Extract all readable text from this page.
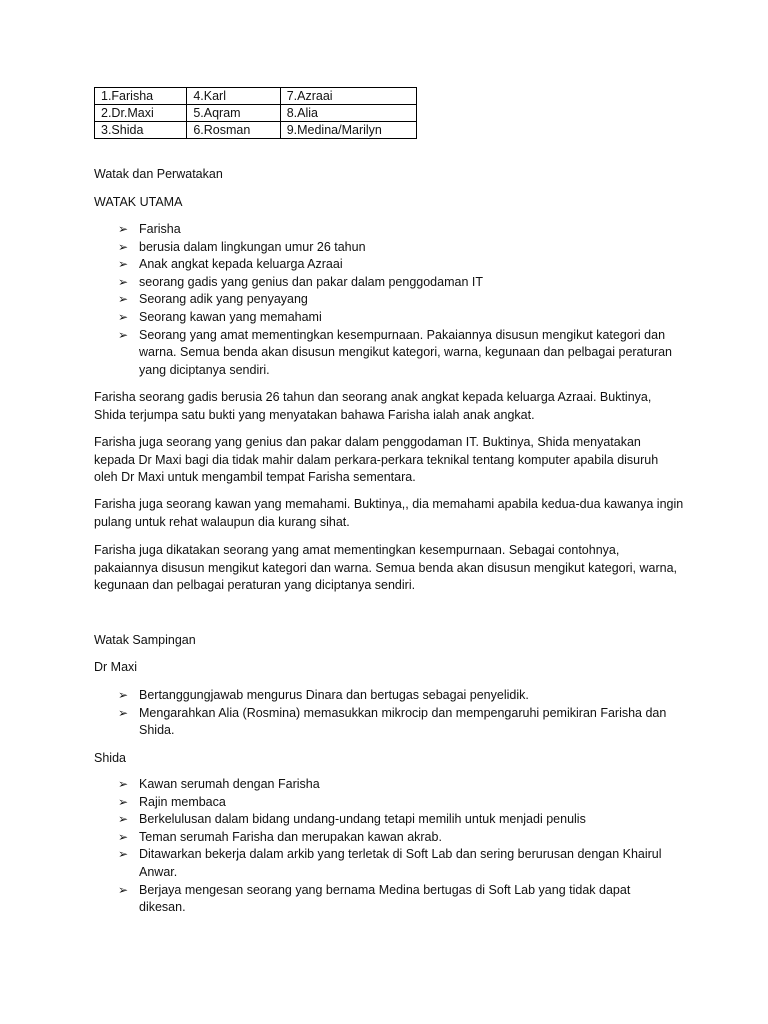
1.Farisha	4.Karl	7.Azraai
2.Dr.Maxi	5.Aqram	8.Alia
3.Shida	6.Rosman	9.Medina/Marilyn
Watak dan Perwatakan
WATAK UTAMA
➢ Farisha
➢ berusia dalam lingkungan umur 26 tahun
➢ Anak angkat kepada keluarga Azraai
➢ seorang gadis yang genius dan pakar dalam penggodaman IT
➢ Seorang adik yang penyayang
➢ Seorang kawan yang memahami
➢ Seorang yang amat mementingkan kesempurnaan. Pakaiannya disusun mengikut kategori dan warna. Semua benda akan disusun mengikut kategori, warna, kegunaan dan pelbagai peraturan yang diciptanya sendiri.

Farisha seorang gadis berusia 26 tahun dan seorang anak angkat kepada keluarga Azraai. Buktinya, Shida terjumpa satu bukti yang menyatakan bahawa Farisha ialah anak angkat.

Farisha juga seorang yang genius dan pakar dalam penggodaman IT. Buktinya, Shida menyatakan kepada Dr Maxi bagi dia tidak mahir dalam perkara-perkara teknikal tentang komputer apabila disuruh oleh Dr Maxi untuk mengambil tempat Farisha sementara.

Farisha juga seorang kawan yang memahami. Buktinya,, dia memahami apabila kedua-dua kawanya ingin pulang untuk rehat walaupun dia kurang sihat.

Farisha juga dikatakan seorang yang amat mementingkan kesempurnaan. Sebagai contohnya, pakaiannya disusun mengikut kategori dan warna. Semua benda akan disusun mengikut kategori, warna, kegunaan dan pelbagai peraturan yang diciptanya sendiri.

Watak Sampingan
Dr Maxi
➢ Bertanggungjawab mengurus Dinara dan bertugas sebagai penyelidik.
➢ Mengarahkan Alia (Rosmina) memasukkan mikrocip dan mempengaruhi pemikiran Farisha dan Shida.
Shida
➢ Kawan serumah dengan Farisha
➢ Rajin membaca
➢ Berkelulusan dalam bidang undang-undang tetapi memilih untuk menjadi penulis
➢ Teman serumah Farisha dan merupakan kawan akrab.
➢ Ditawarkan bekerja dalam arkib yang terletak di Soft Lab dan sering berurusan dengan Khairul Anwar.
➢ Berjaya mengesan seorang yang bernama Medina bertugas di Soft Lab yang tidak dapat dikesan.
